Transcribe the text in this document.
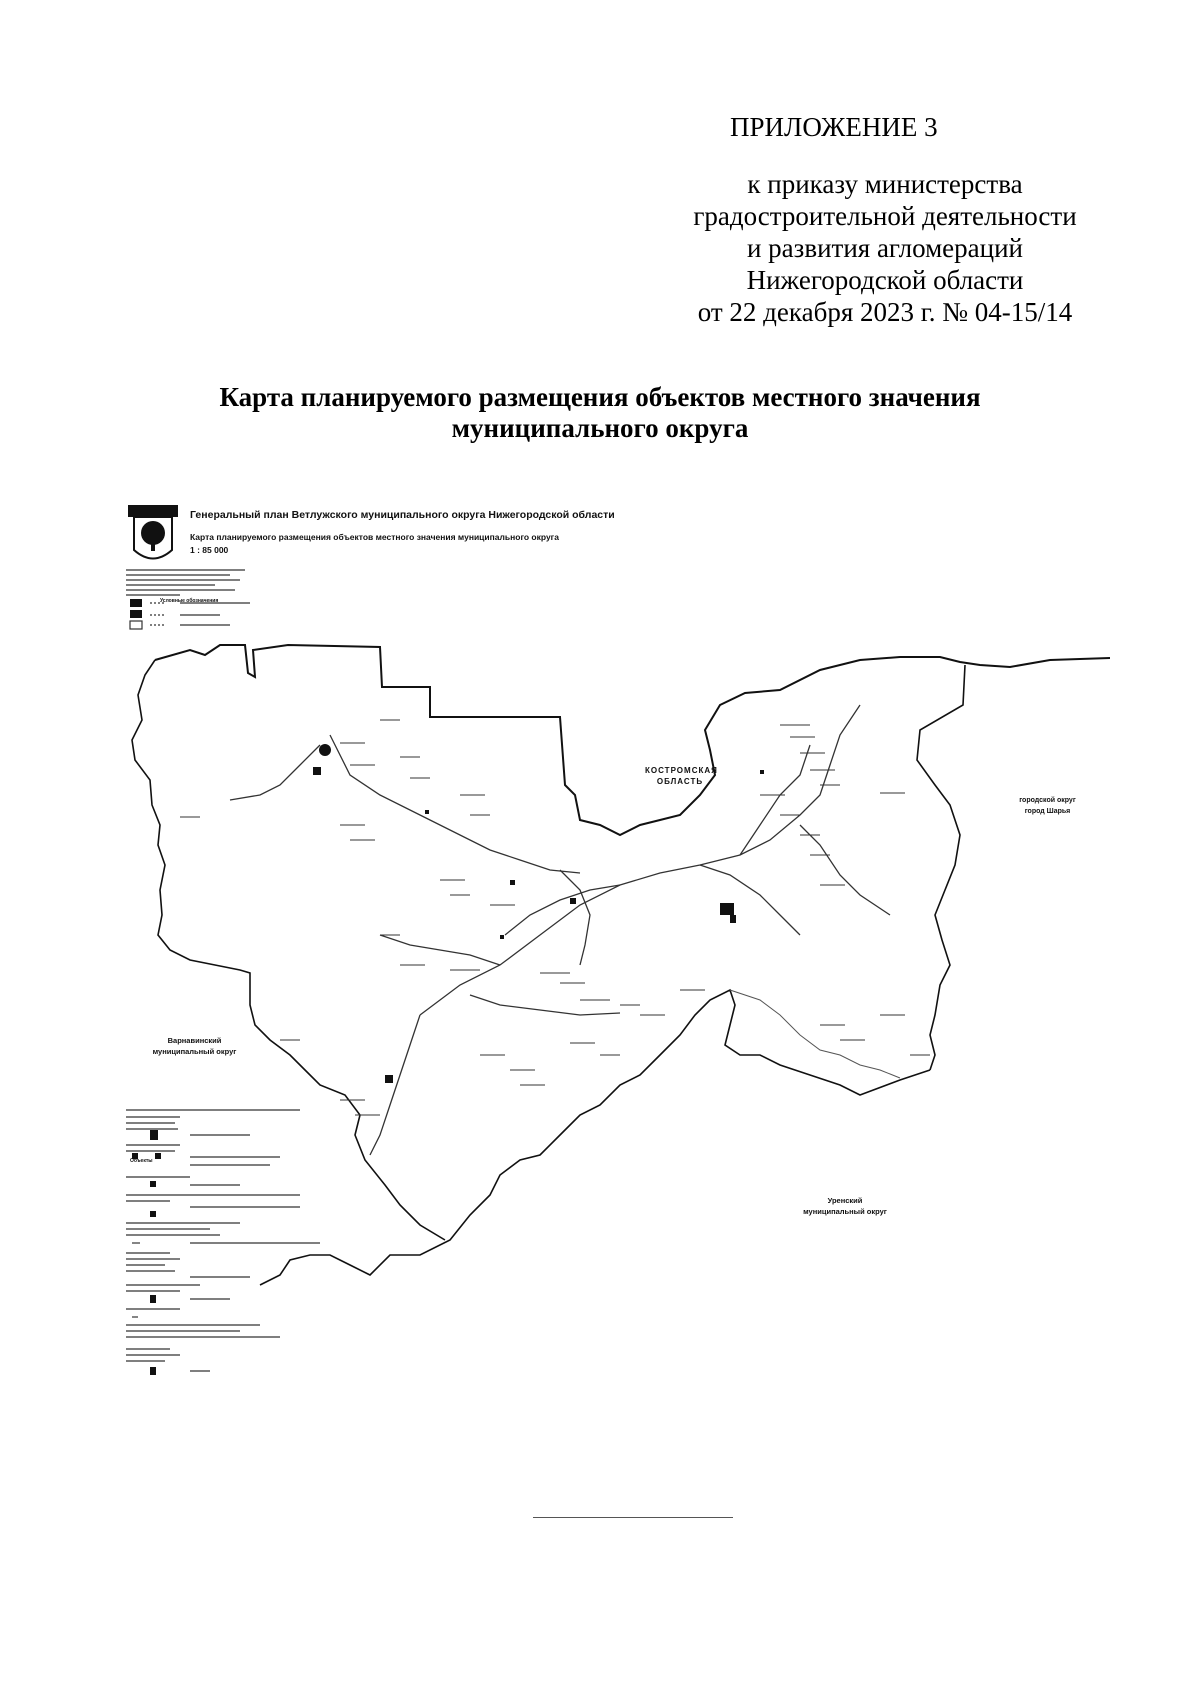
ПРИЛОЖЕНИЕ 3
к приказу министерства
градостроительной деятельности
и развития агломераций
Нижегородской области
от 22 декабря 2023 г. № 04-15/14
Карта планируемого размещения объектов местного значения
муниципального округа
Генеральный план Ветлужского муниципального округа Нижегородской области
Карта планируемого размещения объектов местного значения муниципального округа
1 : 85 000
Условные обозначения
Объекты
КОСТРОМСКАЯ
ОБЛАСТЬ
Варнавинский
муниципальный округ
Уренский
муниципальный округ
городской округ
город Шарья
